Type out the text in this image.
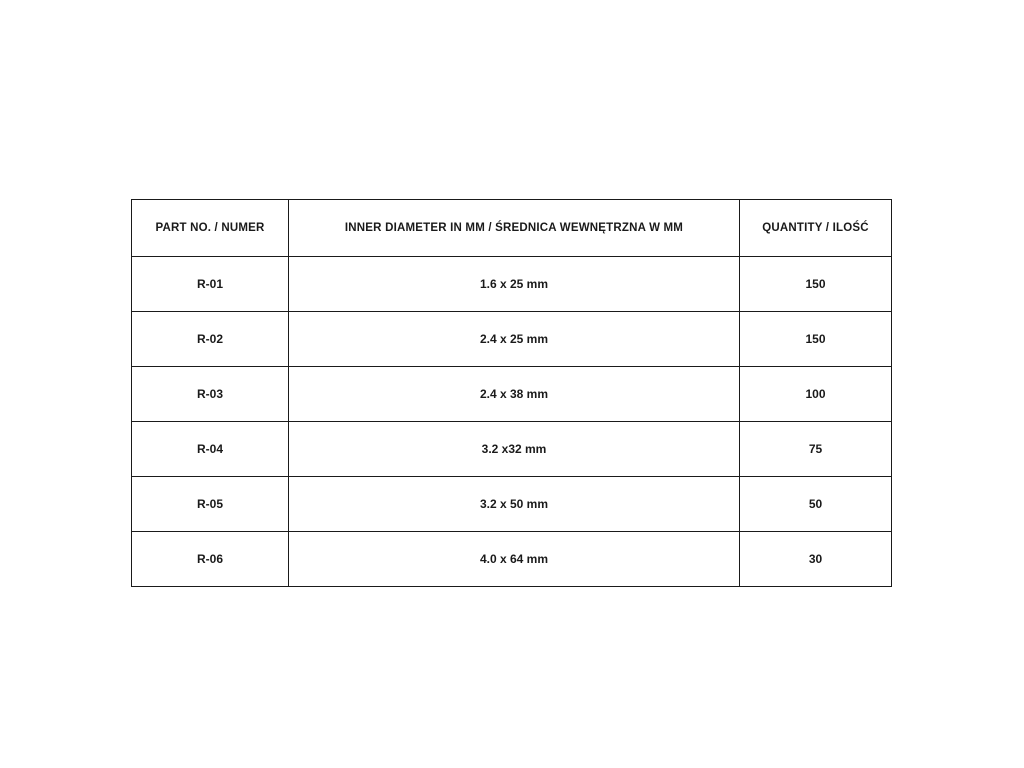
PART NO. / NUMER	INNER DIAMETER IN MM / ŚREDNICA WEWNĘTRZNA W MM	QUANTITY / ILOŚĆ
R-01	1.6 x 25 mm	150
R-02	2.4 x 25 mm	150
R-03	2.4 x 38 mm	100
R-04	3.2 x32 mm	75
R-05	3.2 x 50 mm	50
R-06	4.0 x 64 mm	30
